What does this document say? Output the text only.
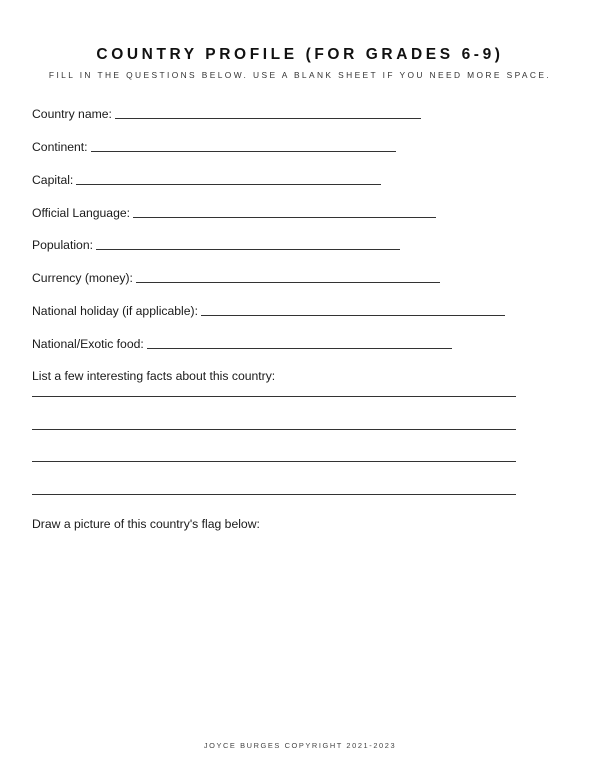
COUNTRY PROFILE (FOR GRADES 6-9)
FILL IN THE QUESTIONS BELOW. USE A BLANK SHEET IF YOU NEED MORE SPACE.
Country name:
Continent:
Capital:
Official Language:
Population:
Currency (money):
National holiday (if applicable):
National/Exotic food:
List a few interesting facts about this country:
Draw a picture of this country's flag below:
JOYCE BURGES COPYRIGHT 2021-2023
